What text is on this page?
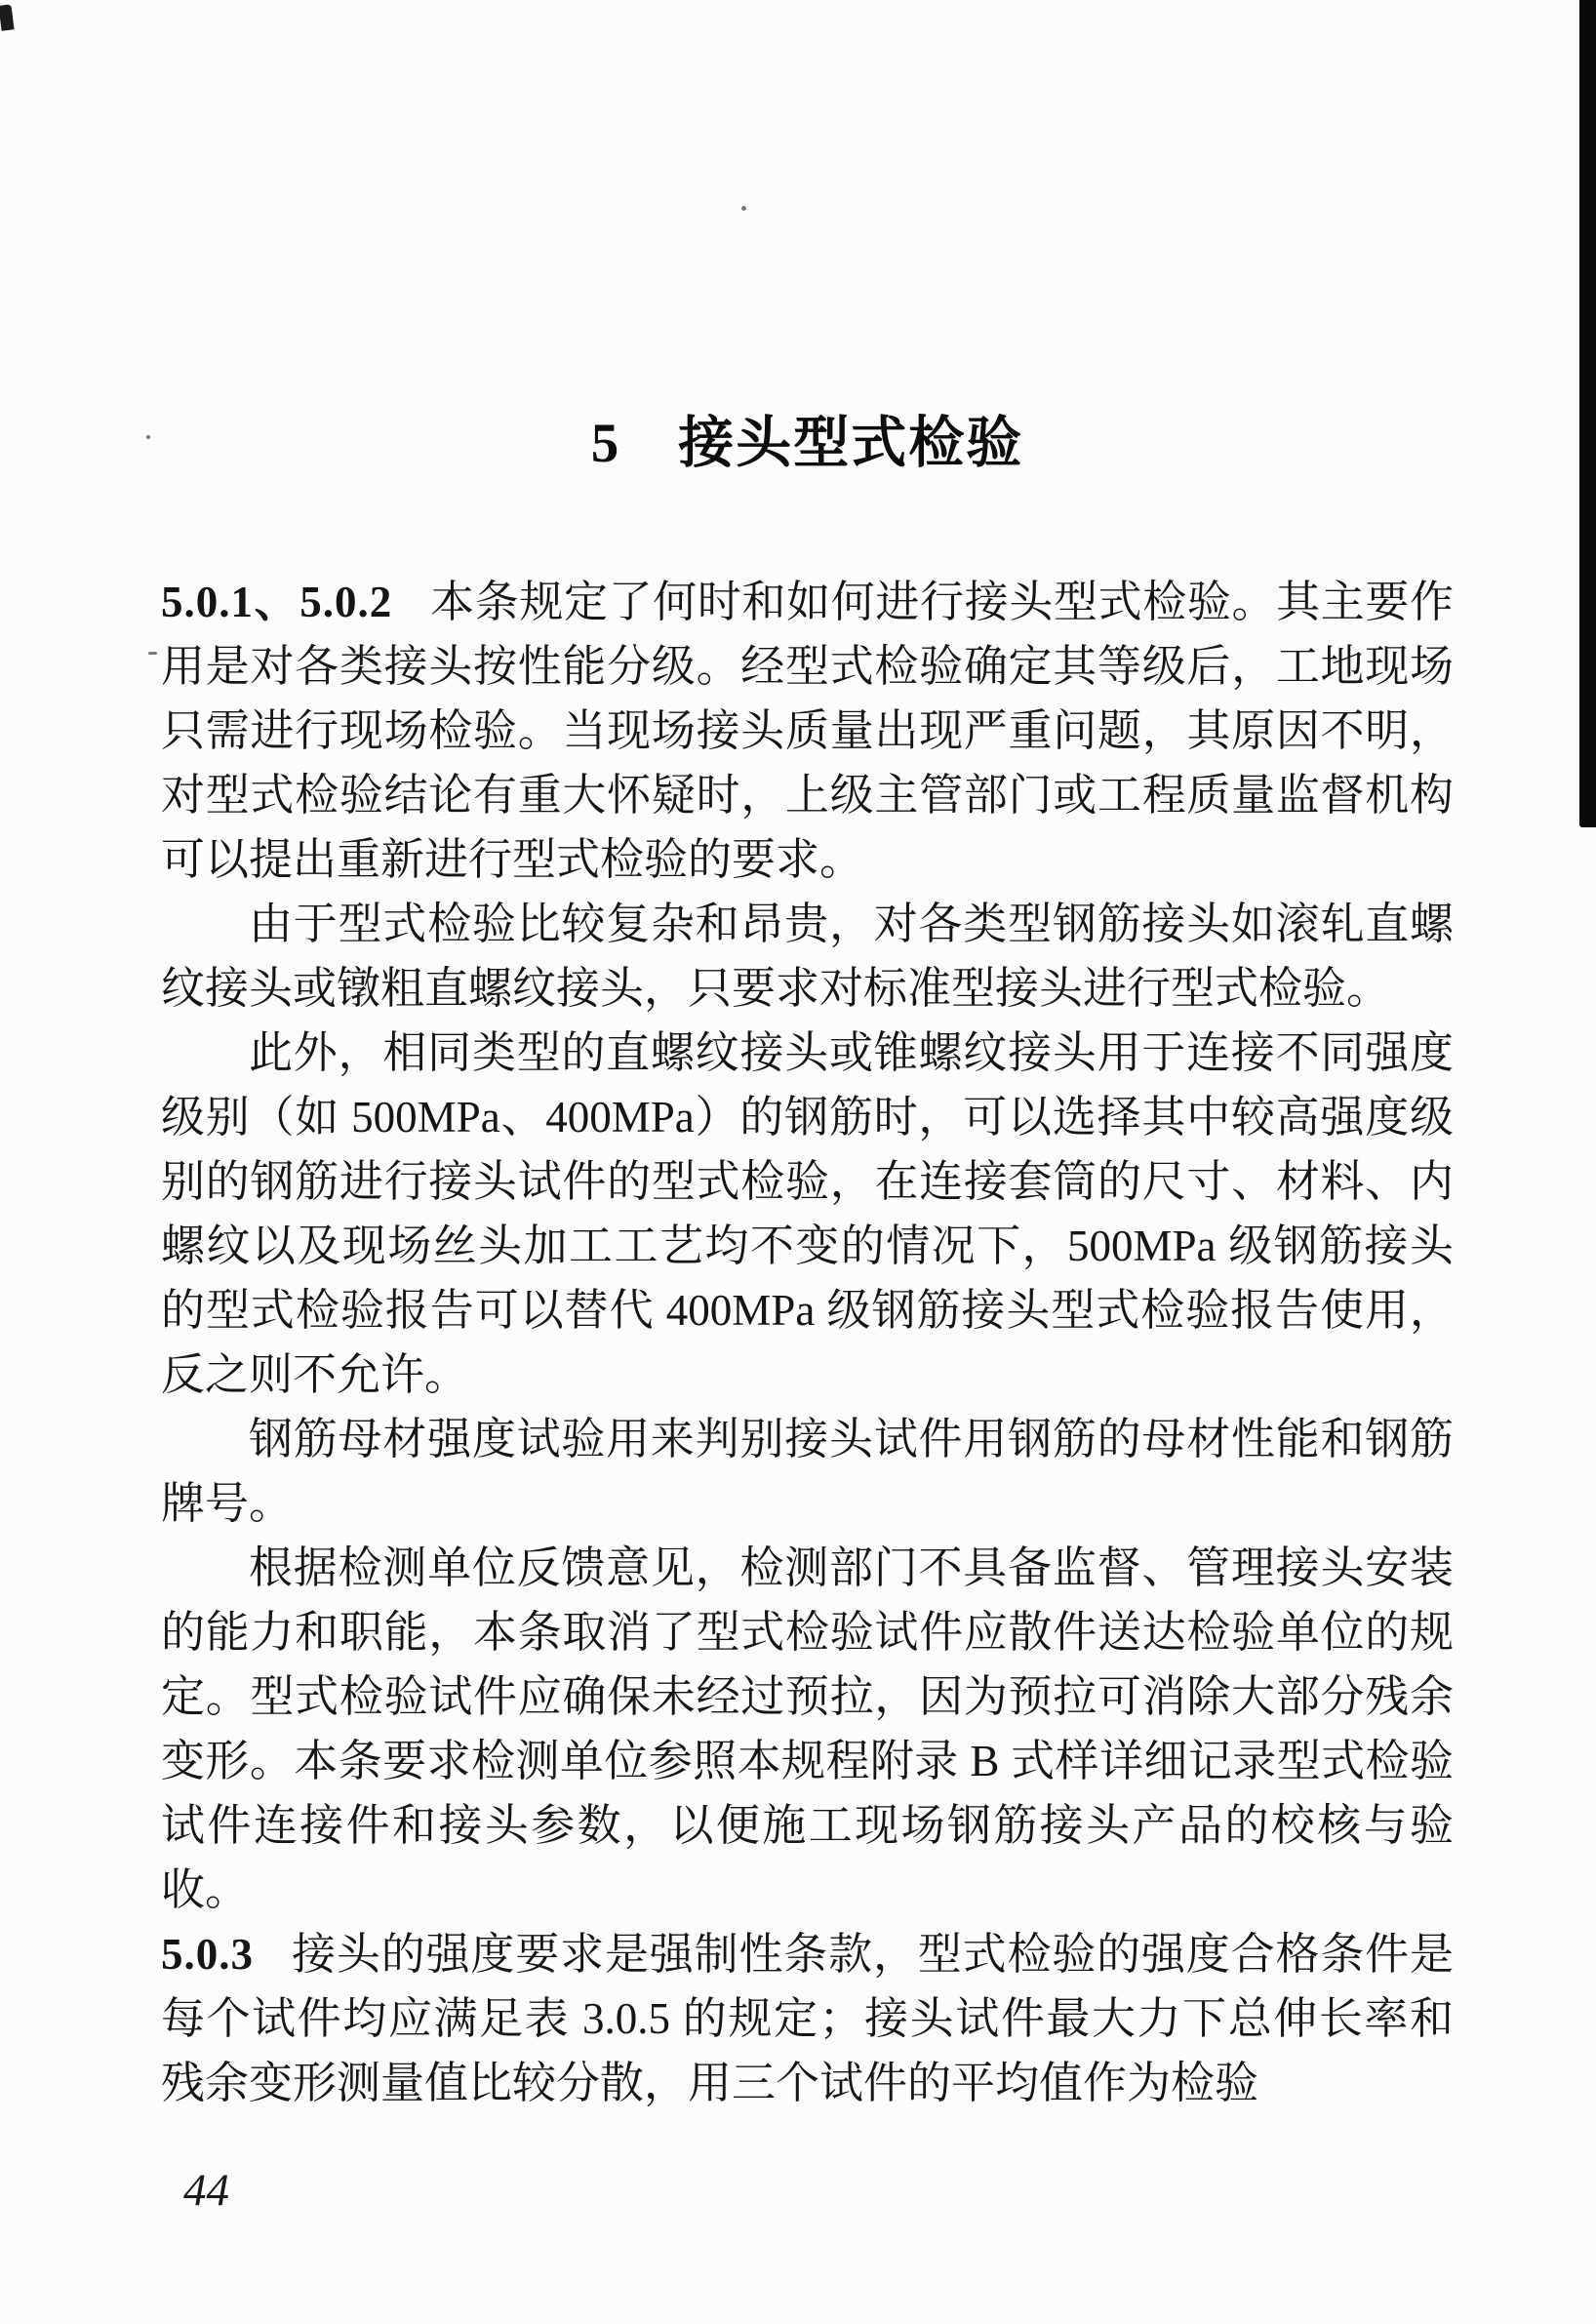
5　接头型式检验

5.0.1、5.0.2 本条规定了何时和如何进行接头型式检验。其主要作用是对各类接头按性能分级。经型式检验确定其等级后，工地现场只需进行现场检验。当现场接头质量出现严重问题，其原因不明，对型式检验结论有重大怀疑时，上级主管部门或工程质量监督机构可以提出重新进行型式检验的要求。

由于型式检验比较复杂和昂贵，对各类型钢筋接头如滚轧直螺纹接头或镦粗直螺纹接头，只要求对标准型接头进行型式检验。

此外，相同类型的直螺纹接头或锥螺纹接头用于连接不同强度级别（如 500MPa、400MPa）的钢筋时，可以选择其中较高强度级别的钢筋进行接头试件的型式检验，在连接套筒的尺寸、材料、内螺纹以及现场丝头加工工艺均不变的情况下，500MPa 级钢筋接头的型式检验报告可以替代 400MPa 级钢筋接头型式检验报告使用，反之则不允许。

钢筋母材强度试验用来判别接头试件用钢筋的母材性能和钢筋牌号。

根据检测单位反馈意见，检测部门不具备监督、管理接头安装的能力和职能，本条取消了型式检验试件应散件送达检验单位的规定。型式检验试件应确保未经过预拉，因为预拉可消除大部分残余变形。本条要求检测单位参照本规程附录 B 式样详细记录型式检验试件连接件和接头参数，以便施工现场钢筋接头产品的校核与验收。

5.0.3 接头的强度要求是强制性条款，型式检验的强度合格条件是每个试件均应满足表 3.0.5 的规定；接头试件最大力下总伸长率和残余变形测量值比较分散，用三个试件的平均值作为检验

44
